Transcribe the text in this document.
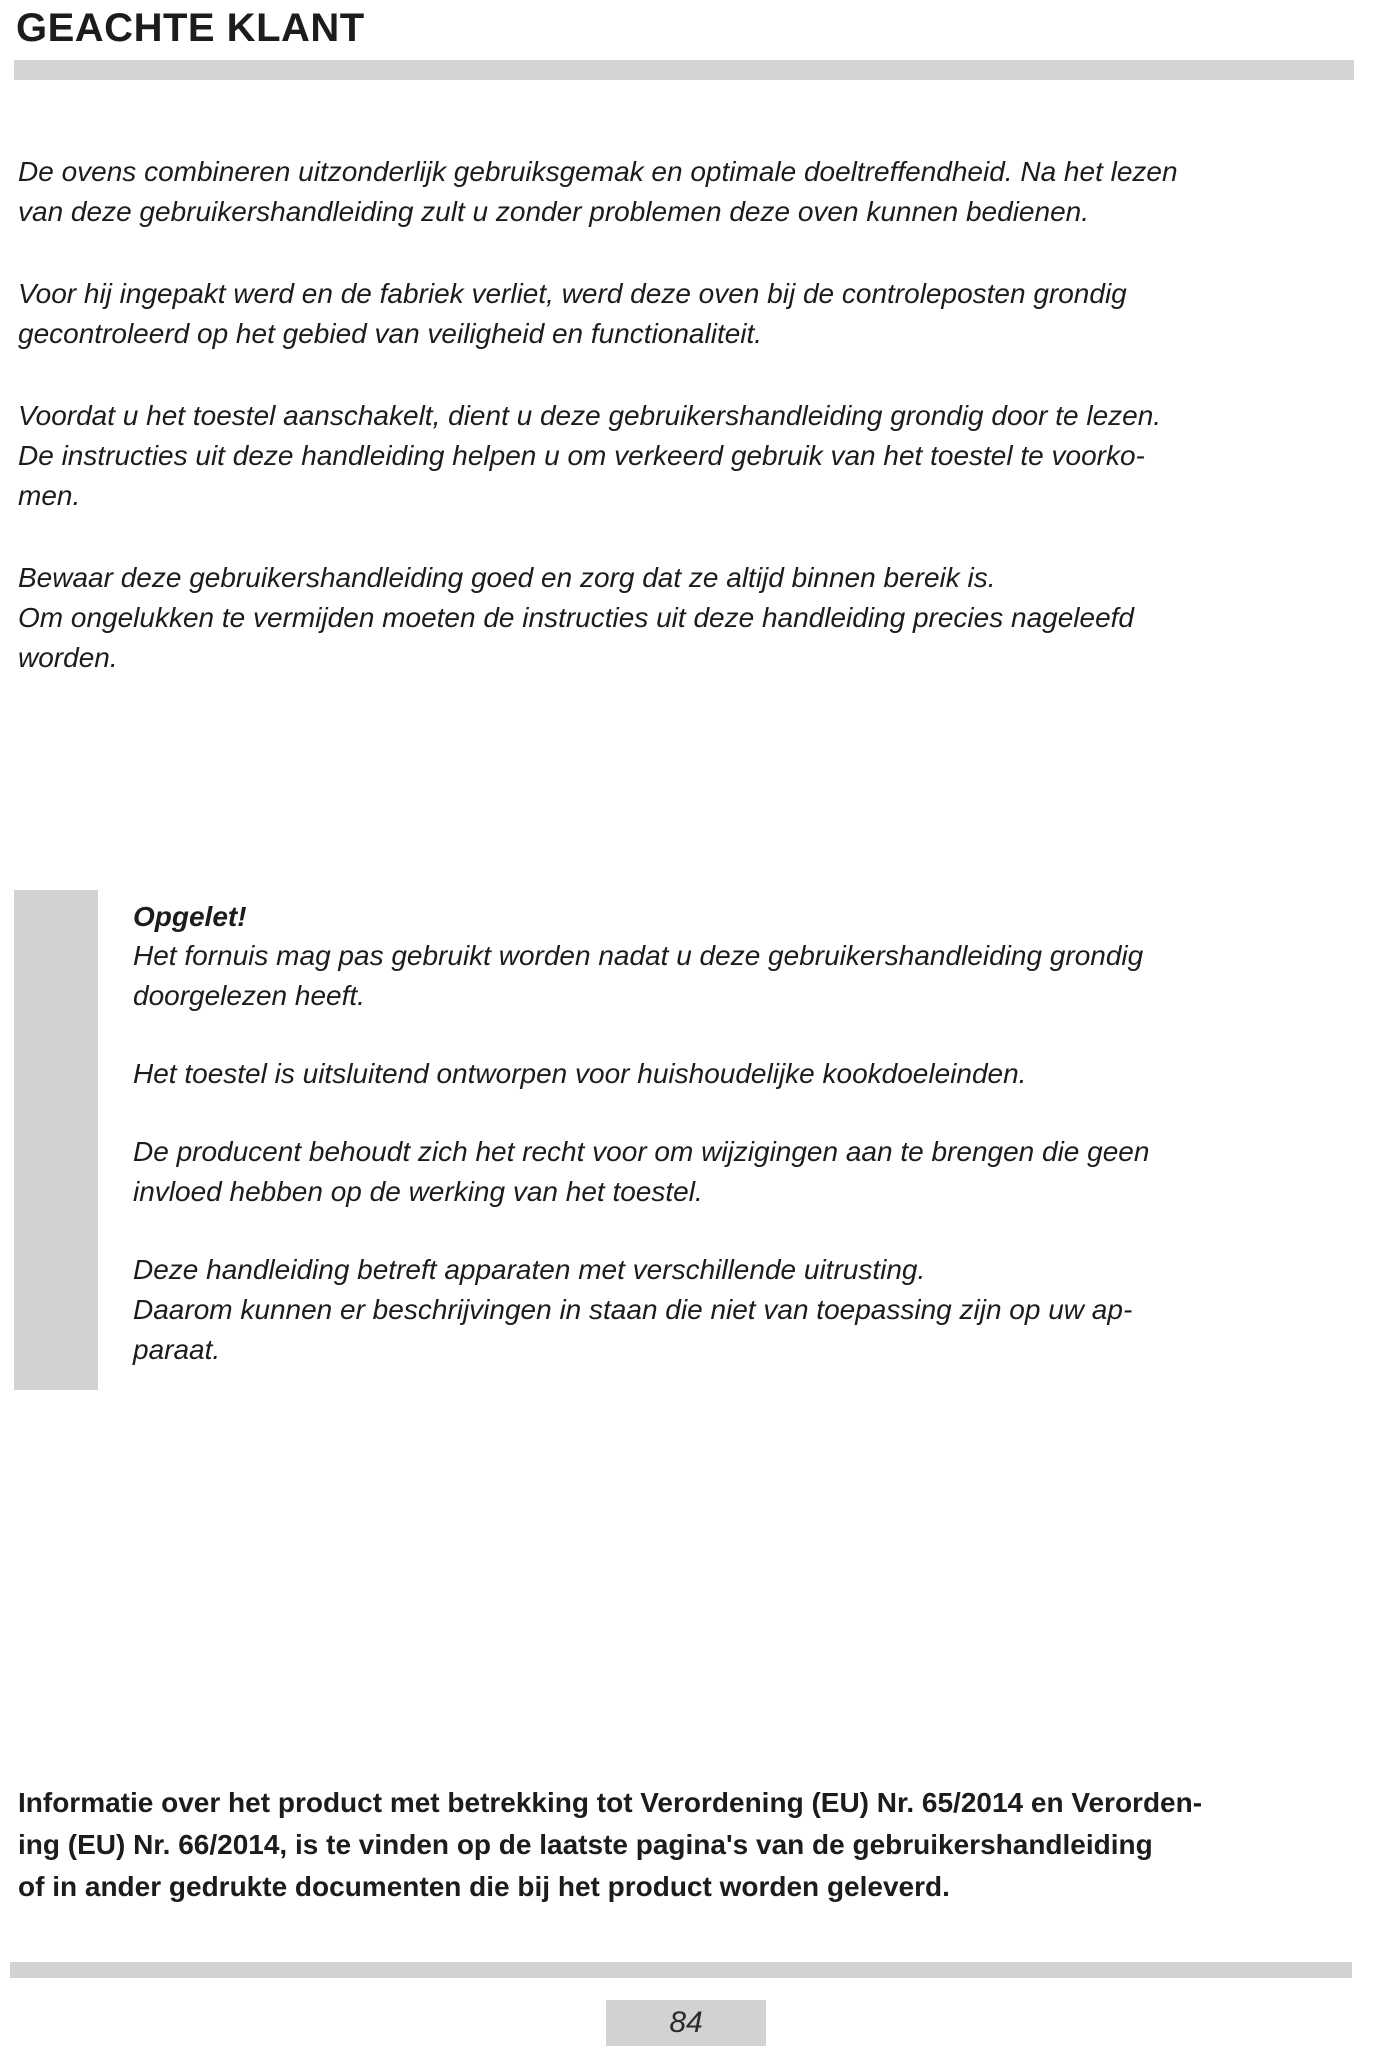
GEACHTE KLANT

De ovens combineren uitzonderlijk gebruiksgemak en optimale doeltreffendheid. Na het lezen
van deze gebruikershandleiding zult u zonder problemen deze oven kunnen bedienen.

Voor hij ingepakt werd en de fabriek verliet, werd deze oven bij de controleposten grondig
gecontroleerd op het gebied van veiligheid en functionaliteit.

Voordat u het toestel aanschakelt, dient u deze gebruikershandleiding grondig door te lezen.
De instructies uit deze handleiding helpen u om verkeerd gebruik van het toestel te voorko-
men.

Bewaar deze gebruikershandleiding goed en zorg dat ze altijd binnen bereik is.
Om ongelukken te vermijden moeten de instructies uit deze handleiding precies nageleefd
worden.

Opgelet!

Het fornuis mag pas gebruikt worden nadat u deze gebruikershandleiding grondig
doorgelezen heeft.

Het toestel is uitsluitend ontworpen voor huishoudelijke kookdoeleinden.

De producent behoudt zich het recht voor om wijzigingen aan te brengen die geen
invloed hebben op de werking van het toestel.

Deze handleiding betreft apparaten met verschillende uitrusting.
Daarom kunnen er beschrijvingen in staan die niet van toepassing zijn op uw ap-
paraat.

Informatie over het product met betrekking tot Verordening (EU) Nr. 65/2014 en Verorden-
ing (EU) Nr. 66/2014, is te vinden op de laatste pagina's van de gebruikershandleiding
of in ander gedrukte documenten die bij het product worden geleverd.

84
